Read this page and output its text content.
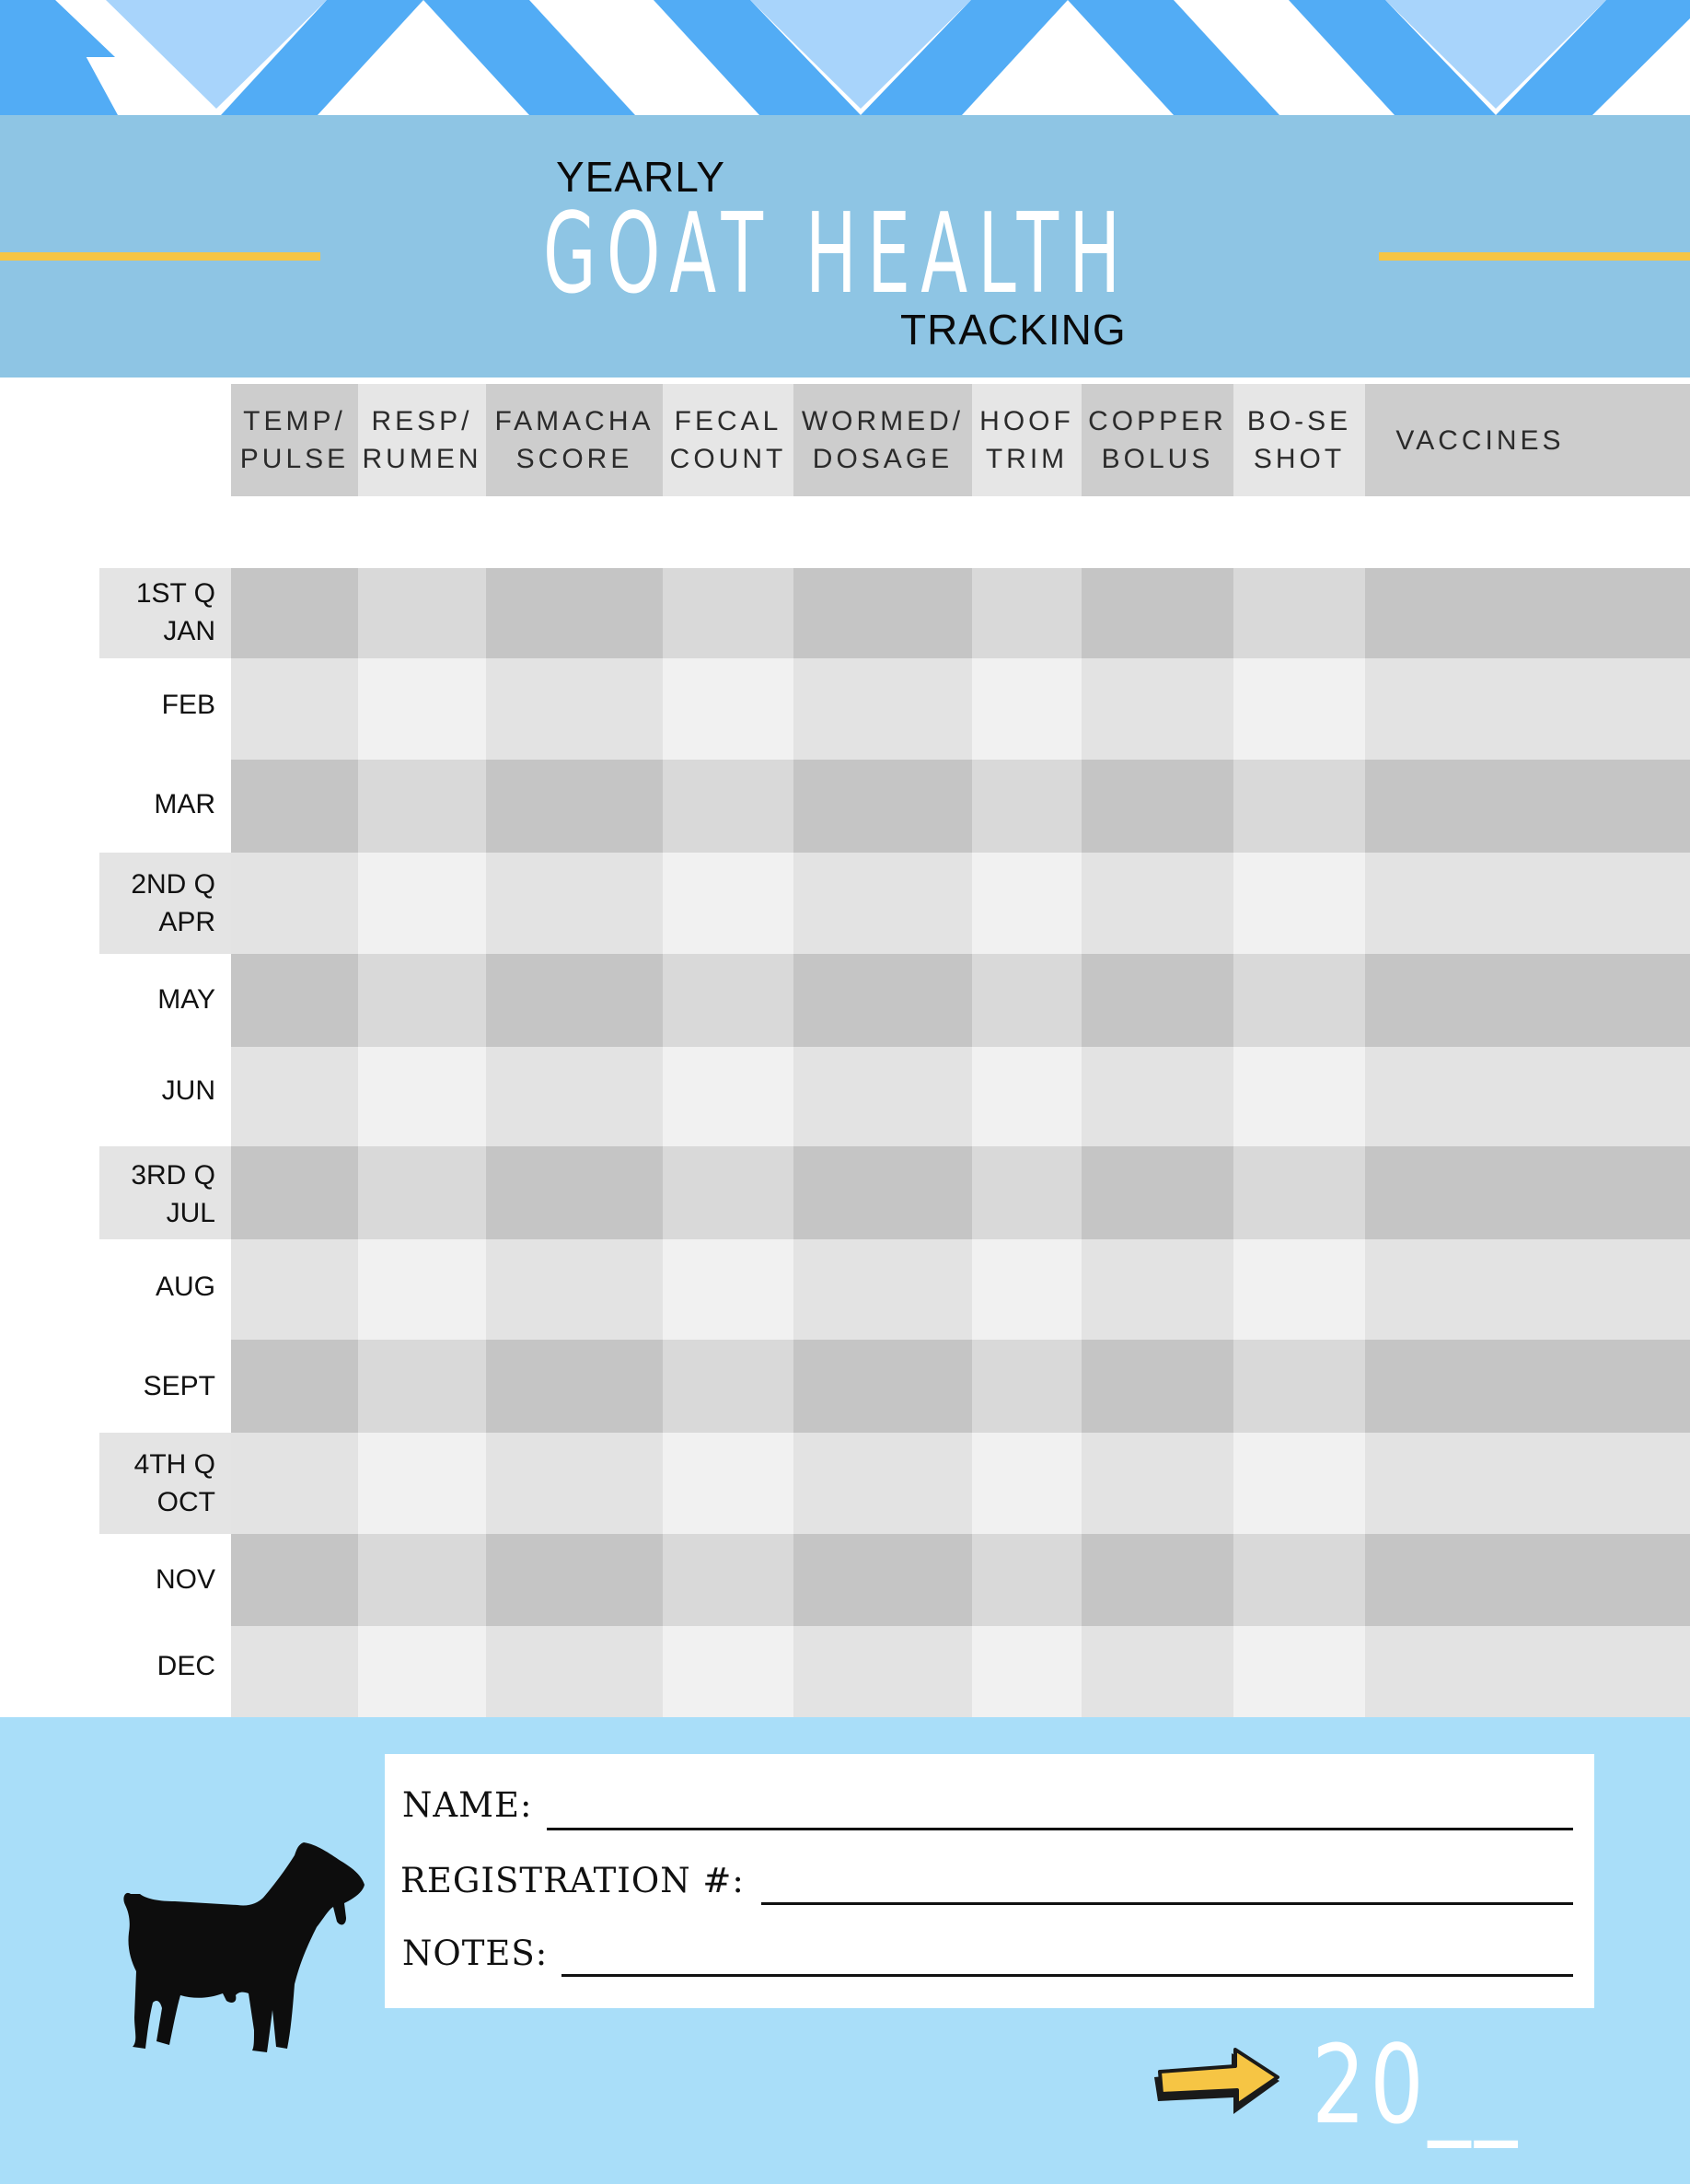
YEARLY
GOAT HEALTH
TRACKING
TEMP/
PULSE
RESP/
RUMEN
FAMACHA
SCORE
FECAL
COUNT
WORMED/
DOSAGE
HOOF
TRIM
COPPER
BOLUS
BO-SE
SHOT
VACCINES
1ST Q
JAN
FEB
MAR
2ND Q
APR
MAY
JUN
3RD Q
JUL
AUG
SEPT
4TH Q
OCT
NOV
DEC
NAME:
REGISTRATION #:
NOTES:
20__
